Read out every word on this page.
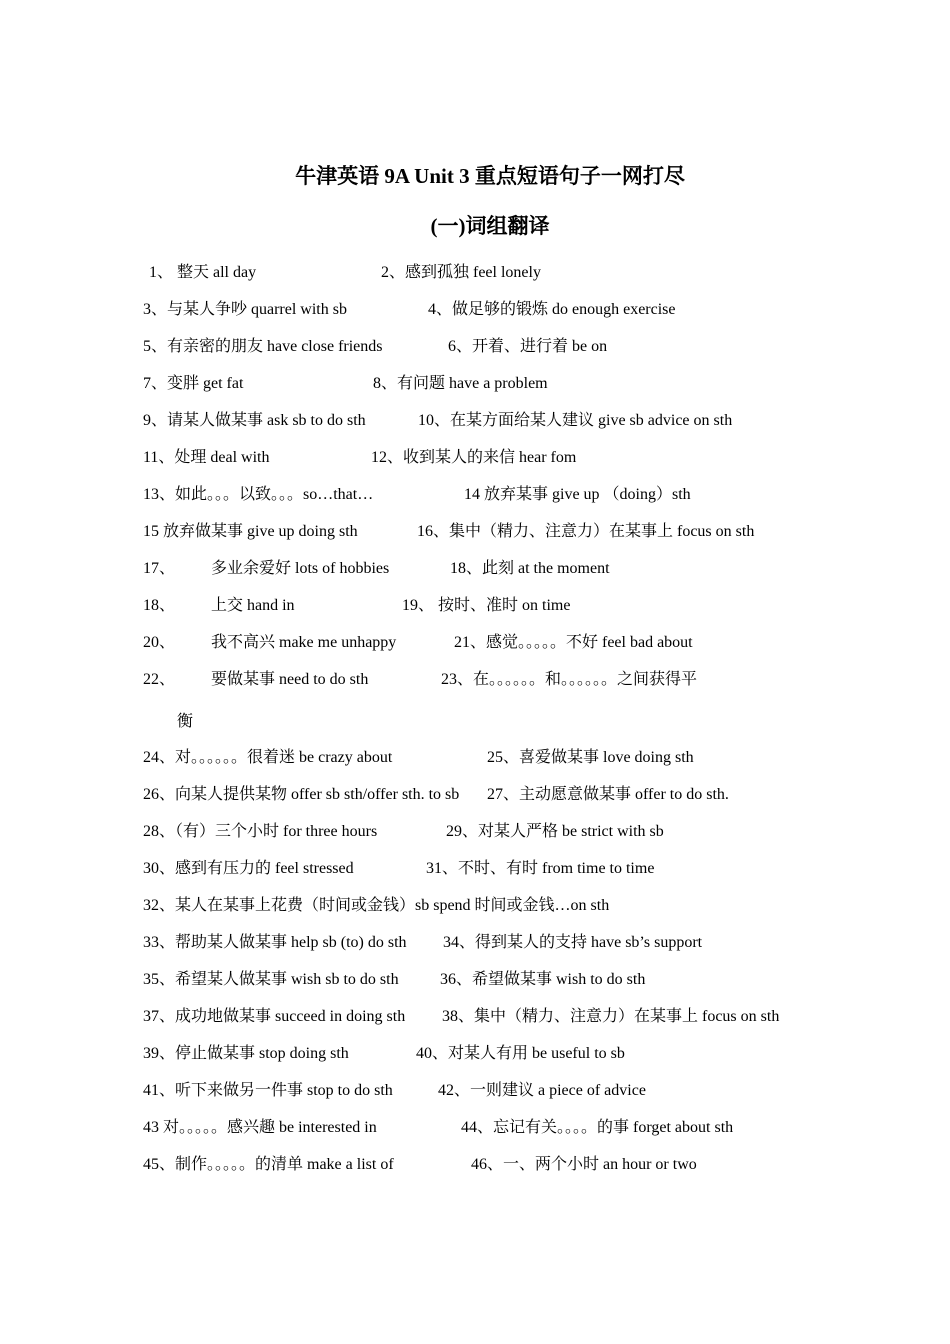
牛津英语 9A Unit 3 重点短语句子一网打尽
(一)词组翻译
1、 整天 all day	2、感到孤独 feel lonely
3、与某人争吵 quarrel with sb	4、做足够的锻炼 do enough exercise
5、有亲密的朋友 have close friends	6、开着、进行着 be on
7、变胖 get fat	8、有问题 have a problem
9、请某人做某事 ask sb to do sth	10、在某方面给某人建议 give sb advice on sth
11、处理 deal with	12、收到某人的来信 hear fom
13、如此。。。以致。。。so…that…	14 放弃某事 give up （doing）sth
15 放弃做某事 give up doing sth	16、集中（精力、注意力）在某事上 focus on sth
17、 多业余爱好 lots of hobbies	18、此刻 at the moment
18、 上交 hand in	19、 按时、准时 on time
20、 我不高兴 make me unhappy	21、感觉。。。。。不好 feel bad about
22、 要做某事 need to do sth	23、在。。。。。。和。。。。。。之间获得平
衡
24、对。。。。。。很着迷 be crazy about	25、喜爱做某事 love doing sth
26、向某人提供某物 offer sb sth/offer sth. to sb 27、主动愿意做某事 offer to do sth.
28、（有）三个小时 for three hours	29、对某人严格 be strict with sb
30、感到有压力的 feel stressed	31、不时、有时 from time to time
32、某人在某事上花费（时间或金钱）sb spend 时间或金钱…on sth
33、帮助某人做某事 help sb (to) do sth 34、得到某人的支持 have sb’s support
35、希望某人做某事 wish sb to do sth	36、希望做某事 wish to do sth
37、成功地做某事 succeed in doing sth 38、集中（精力、注意力）在某事上 focus on sth
39、停止做某事 stop doing sth	40、对某人有用 be useful to sb
41、听下来做另一件事 stop to do sth	42、一则建议 a piece of advice
43 对。。。。。感兴趣 be interested in	44、忘记有关。。。。的事 forget about sth
45、制作。。。。。的清单 make a list of	46、一、两个小时 an hour or two
